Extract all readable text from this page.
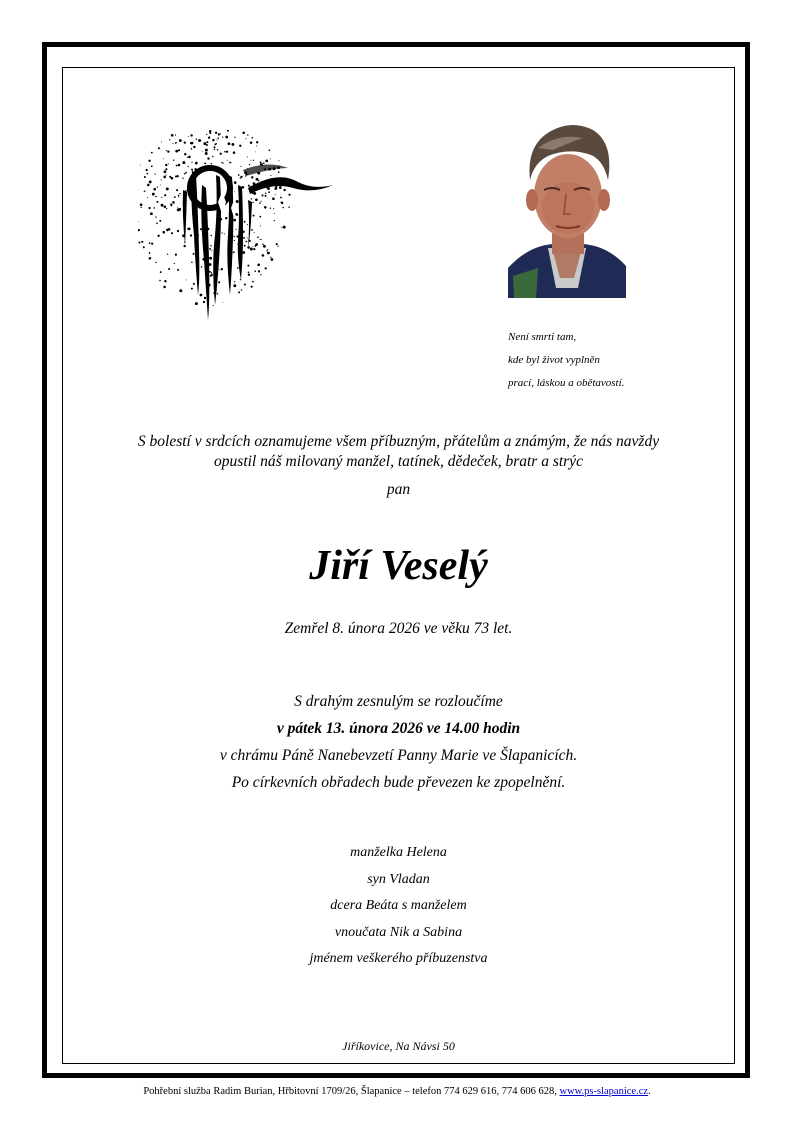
Není smrti tam,
kde byl život vyplněn
prací, láskou a obětavostí.
S bolestí v srdcích oznamujeme všem příbuzným, přátelům a známým, že nás navždy
opustil náš milovaný manžel, tatínek, dědeček, bratr a strýc
pan
Jiří Veselý
Zemřel 8. února 2026 ve věku 73 let.
S drahým zesnulým se rozloučíme
v pátek 13. února 2026 ve 14.00 hodin
v chrámu Páně Nanebevzetí Panny Marie ve Šlapanicích.
Po církevních obřadech bude převezen ke zpopelnění.
manželka Helena
syn Vladan
dcera Beáta s manželem
vnoučata Nik a Sabina
jménem veškerého příbuzenstva
Jiříkovice, Na Návsi 50
Pohřební služba Radim Burian, Hřbitovní 1709/26, Šlapanice – telefon 774 629 616, 774 606 628, www.ps-slapanice.cz.
